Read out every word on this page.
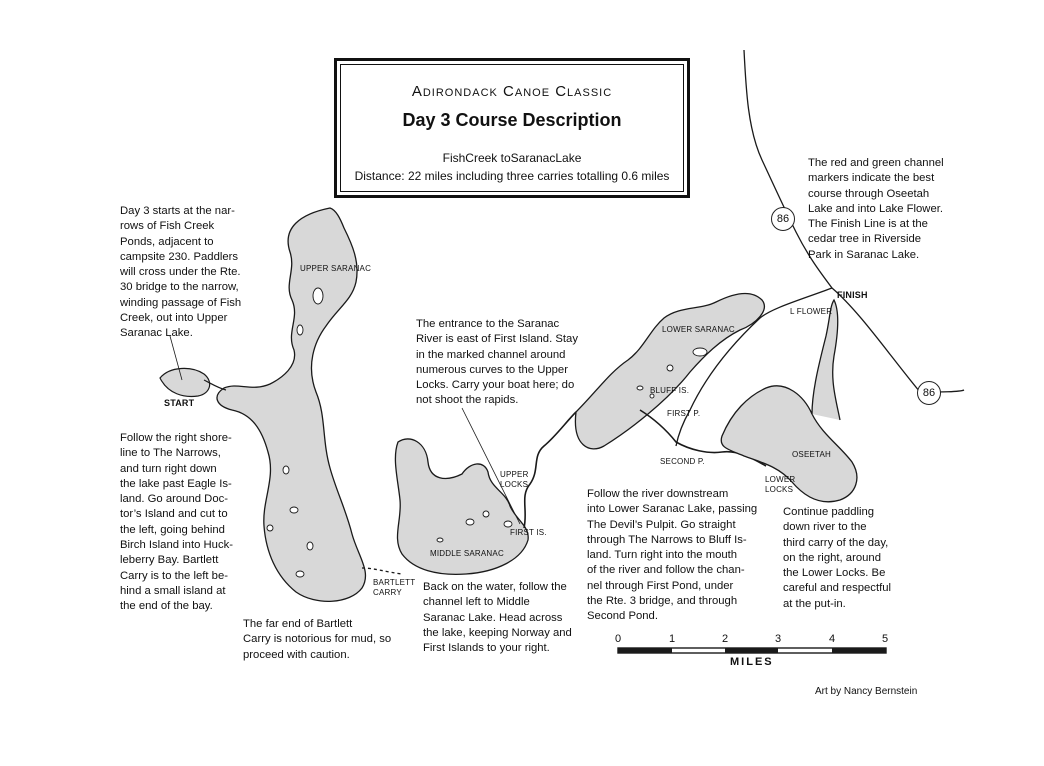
Adirondack Canoe Classic
Day 3 Course Description
FishCreek toSaranacLake
Distance: 22 miles including three carries totalling 0.6 miles
Day 3 starts at the nar-
rows of Fish Creek
Ponds, adjacent to
campsite 230. Paddlers
will cross under the Rte.
30 bridge to the narrow,
winding passage of Fish
Creek, out into Upper
Saranac Lake.
Follow the right shore-
line to The Narrows,
and turn right down
the lake past Eagle Is-
land. Go around Doc-
tor’s Island and cut to
the left, going behind
Birch Island into Huck-
leberry Bay. Bartlett
Carry is to the left be-
hind a small island at
the end of the bay.
The far end of Bartlett
Carry is notorious for mud, so
proceed with caution.
Back on the water, follow the
channel left to Middle
Saranac Lake. Head across
the lake, keeping Norway and
First Islands to your right.
The entrance to the Saranac
River is east of First Island. Stay
in the marked channel around
numerous curves to the Upper
Locks. Carry your boat here; do
not shoot the rapids.
Follow the river downstream
into Lower Saranac Lake, passing
The Devil’s Pulpit. Go straight
through The Narrows to Bluff Is-
land. Turn right into the mouth
of the river and follow the chan-
nel through First Pond, under
the Rte. 3 bridge, and through
Second Pond.
Continue paddling
down river to the
third carry of the day,
on the right, around
the Lower Locks. Be
careful and respectful
at the put-in.
The red and green channel
markers indicate the best
course through Oseetah
Lake and into Lake Flower.
The Finish Line is at the
cedar tree in Riverside
Park in Saranac Lake.
UPPER SARANAC
START
MIDDLE SARANAC
BARTLETT
CARRY
FIRST IS.
UPPER
LOCKS
LOWER SARANAC
BLUFF IS.
FIRST P.
SECOND P.
LOWER
LOCKS
OSEETAH
L FLOWER
FINISH
86
86
0	1	2	3	4	5
MILES
Art by Nancy Bernstein
